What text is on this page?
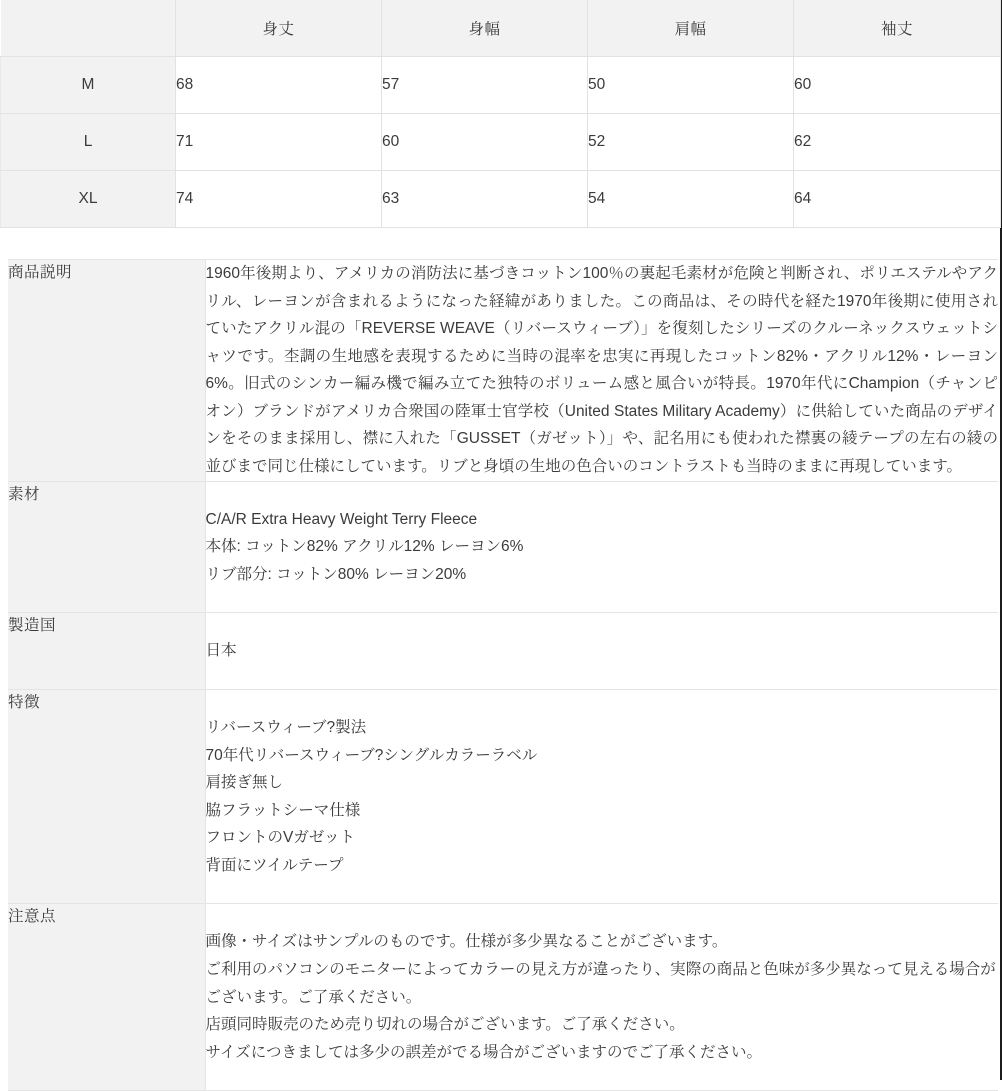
	身丈	身幅	肩幅	袖丈
M	68	57	50	60
L	71	60	52	62
XL	74	63	54	64
商品説明	1960年後期より、アメリカの消防法に基づきコットン100％の裏起毛素材が危険と判断され、ポリエステルやアクリル、レーヨンが含まれるようになった経緯がありました。この商品は、その時代を経た1970年後期に使用されていたアクリル混の「REVERSE WEAVE（リバースウィーブ）」を復刻したシリーズのクルーネックスウェットシャツです。杢調の生地感を表現するために当時の混率を忠実に再現したコットン82%・アクリル12%・レーヨン6%。旧式のシンカー編み機で編み立てた独特のボリューム感と風合いが特長。1970年代にChampion（チャンピオン）ブランドがアメリカ合衆国の陸軍士官学校（United States Military Academy）に供給していた商品のデザインをそのまま採用し、襟に入れた「GUSSET（ガゼット）」や、記名用にも使われた襟裏の綾テープの左右の綾の並びまで同じ仕様にしています。リブと身頃の生地の色合いのコントラストも当時のままに再現しています。

素材	C/A/R Extra Heavy Weight Terry Fleece
本体: コットン82% アクリル12% レーヨン6%
リブ部分: コットン80% レーヨン20%

製造国	日本

特徴	
リバースウィーブ?製法
70年代リバースウィーブ?シングルカラーラベル
肩接ぎ無し
脇フラットシーマ仕様
フロントのVガゼット
背面にツイルテープ

注意点	画像・サイズはサンプルのものです。仕様が多少異なることがございます。
ご利用のパソコンのモニターによってカラーの見え方が違ったり、実際の商品と色味が多少異なって見える場合がございます。ご了承ください。
店頭同時販売のため売り切れの場合がございます。ご了承ください。
サイズにつきましては多少の誤差がでる場合がございますのでご了承ください。
